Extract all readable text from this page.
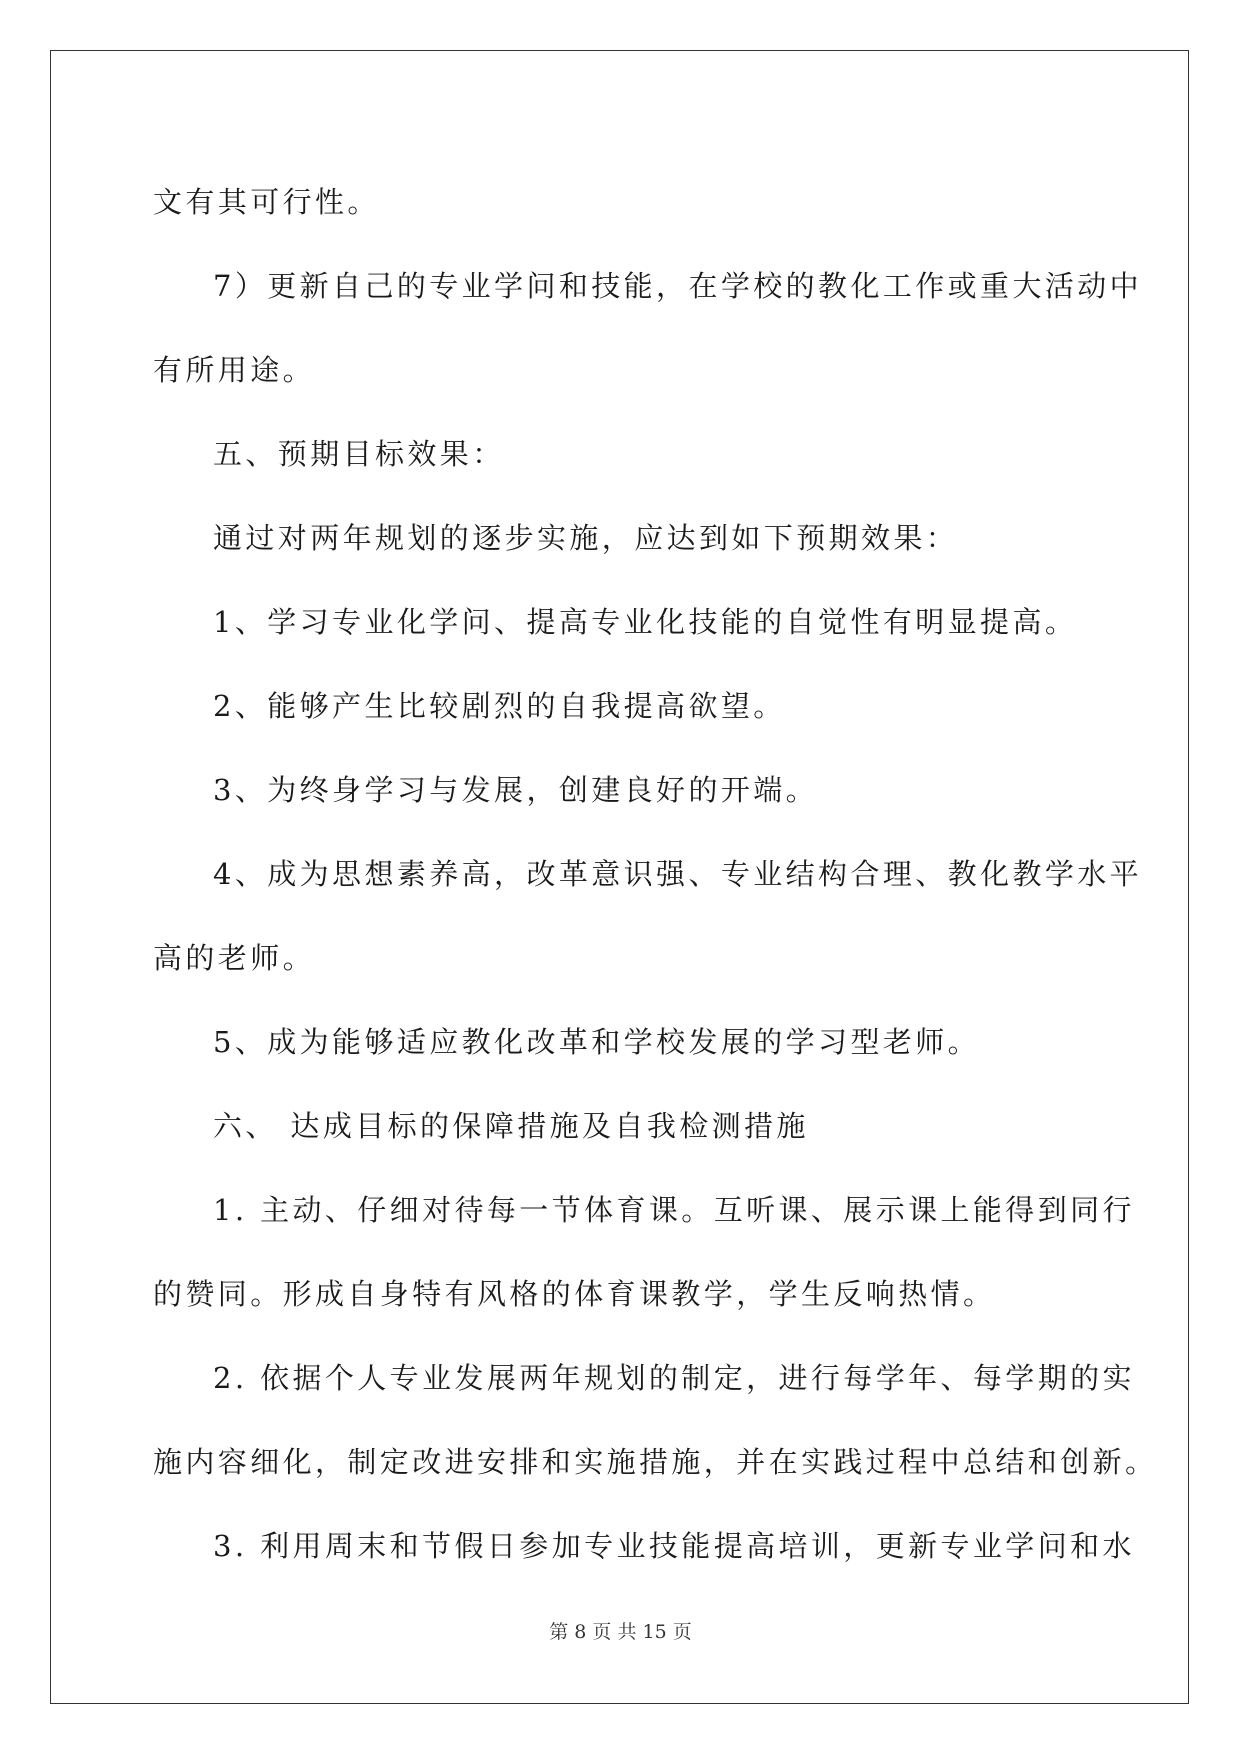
文有其可行性。

7）更新自己的专业学问和技能，在学校的教化工作或重大活动中

有所用途。

五、预期目标效果：

通过对两年规划的逐步实施，应达到如下预期效果：

1、学习专业化学问、提高专业化技能的自觉性有明显提高。

2、能够产生比较剧烈的自我提高欲望。

3、为终身学习与发展，创建良好的开端。

4、成为思想素养高，改革意识强、专业结构合理、教化教学水平

高的老师。

5、成为能够适应教化改革和学校发展的学习型老师。

六、 达成目标的保障措施及自我检测措施

1. 主动、仔细对待每一节体育课。互听课、展示课上能得到同行

的赞同。形成自身特有风格的体育课教学，学生反响热情。

2. 依据个人专业发展两年规划的制定，进行每学年、每学期的实

施内容细化，制定改进安排和实施措施，并在实践过程中总结和创新。

3. 利用周末和节假日参加专业技能提高培训，更新专业学问和水

第 8 页 共 15 页
